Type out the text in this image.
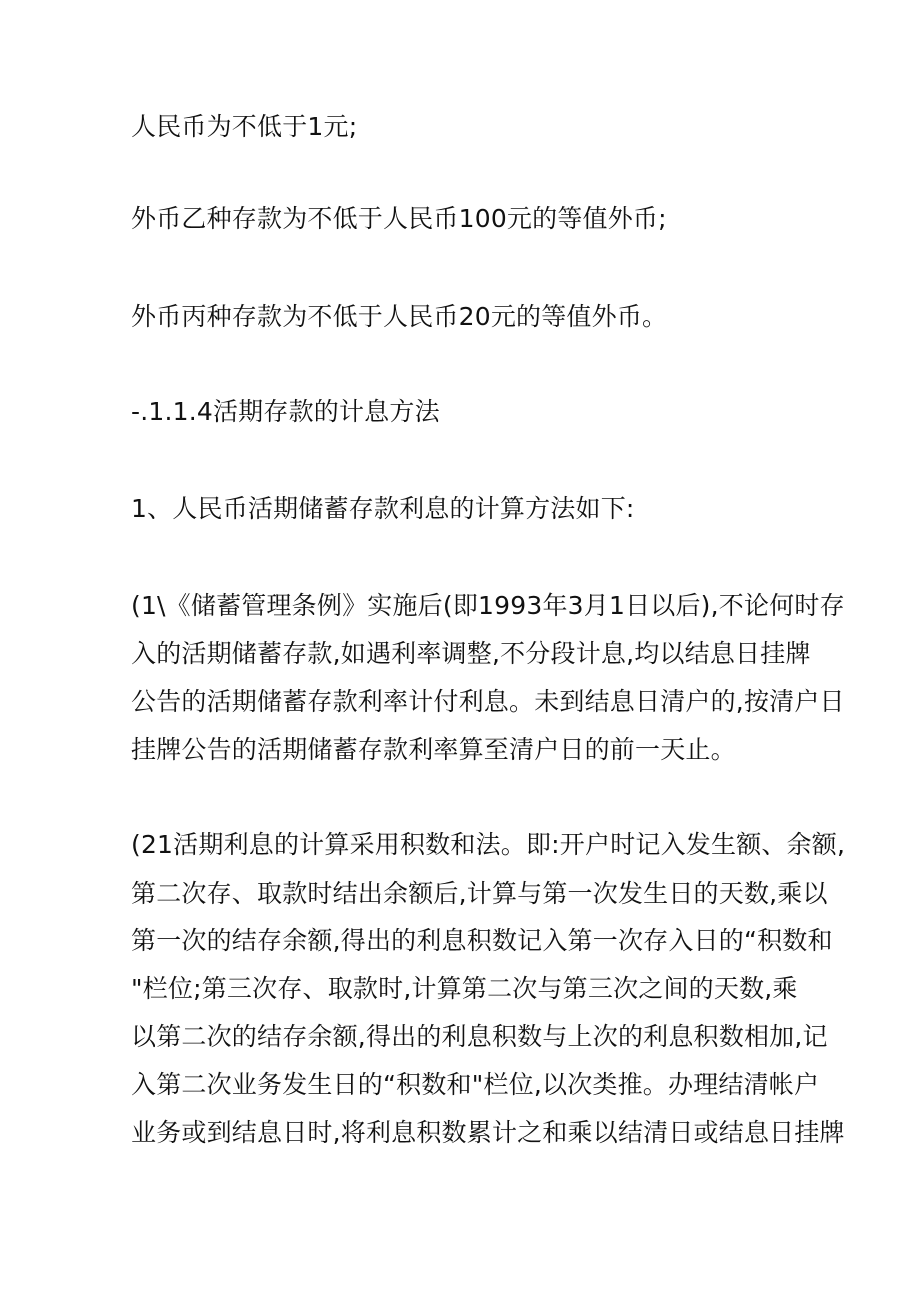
人民币为不低于1元;
外币乙种存款为不低于人民币100元的等值外币;
外币丙种存款为不低于人民币20元的等值外币。
-.1.1.4活期存款的计息方法
1、人民币活期储蓄存款利息的计算方法如下:
(1\《储蓄管理条例》实施后(即1993年3月1日以后),不论何时存
入的活期储蓄存款,如遇利率调整,不分段计息,均以结息日挂牌
公告的活期储蓄存款利率计付利息。未到结息日清户的,按清户日
挂牌公告的活期储蓄存款利率算至清户日的前一天止。
(21活期利息的计算采用积数和法。即:开户时记入发生额、余额,
第二次存、取款时结出余额后,计算与第一次发生日的天数,乘以
第一次的结存余额,得出的利息积数记入第一次存入日的“积数和
"栏位;第三次存、取款时,计算第二次与第三次之间的天数,乘
以第二次的结存余额,得出的利息积数与上次的利息积数相加,记
入第二次业务发生日的“积数和"栏位,以次类推。办理结清帐户
业务或到结息日时,将利息积数累计之和乘以结清日或结息日挂牌
